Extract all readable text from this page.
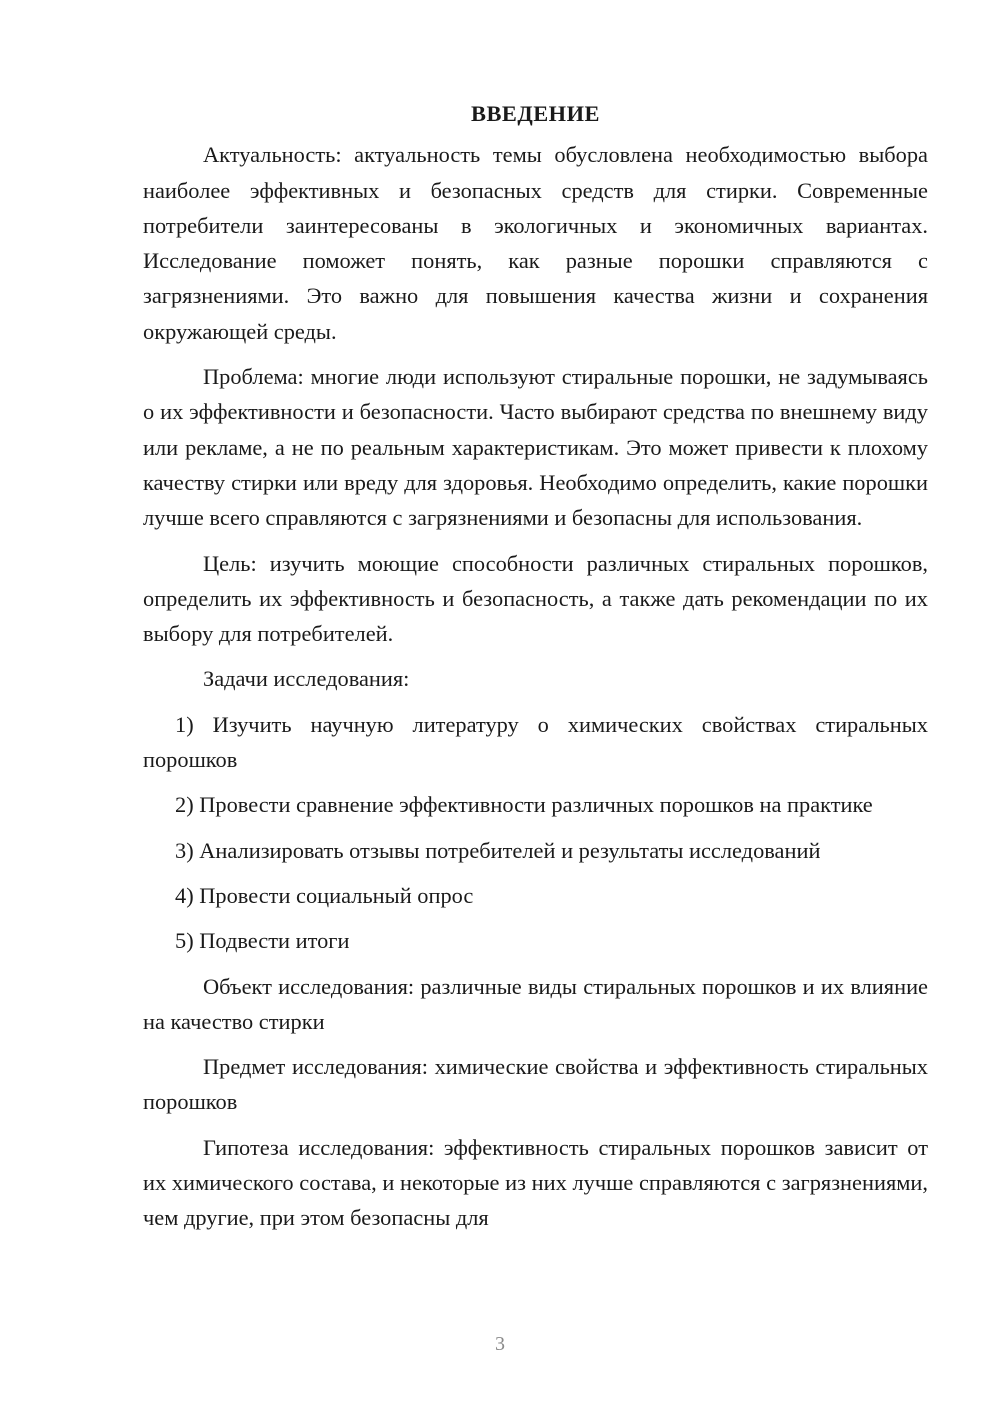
ВВЕДЕНИЕ

Актуальность: актуальность темы обусловлена необходимостью выбора наиболее эффективных и безопасных средств для стирки. Современные потребители заинтересованы в экологичных и экономичных вариантах. Исследование поможет понять, как разные порошки справляются с загрязнениями. Это важно для повышения качества жизни и сохранения окружающей среды.

Проблема: многие люди используют стиральные порошки, не задумываясь о их эффективности и безопасности. Часто выбирают средства по внешнему виду или рекламе, а не по реальным характеристикам. Это может привести к плохому качеству стирки или вреду для здоровья. Необходимо определить, какие порошки лучше всего справляются с загрязнениями и безопасны для использования.

Цель: изучить моющие способности различных стиральных порошков, определить их эффективность и безопасность, а также дать рекомендации по их выбору для потребителей.

Задачи исследования:

1) Изучить научную литературу о химических свойствах стиральных порошков

2) Провести сравнение эффективности различных порошков на практике

3) Анализировать отзывы потребителей и результаты исследований

4) Провести социальный опрос

5) Подвести итоги

Объект исследования: различные виды стиральных порошков и их влияние на качество стирки

Предмет исследования: химические свойства и эффективность стиральных порошков

Гипотеза исследования: эффективность стиральных порошков зависит от их химического состава, и некоторые из них лучше справляются с загрязнениями, чем другие, при этом безопасны для

3
